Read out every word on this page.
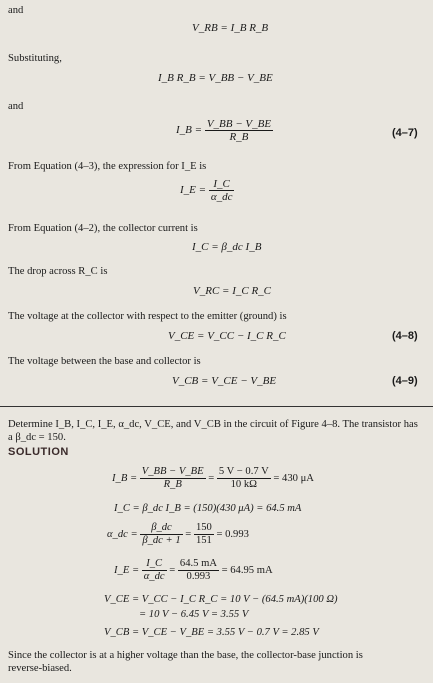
and
V_RB = I_B R_B
Substituting,
I_B R_B = V_BB − V_BE
and
I_B = $\frac{V\_BB - V\_BE}{R\_B}$	(4–7)
From Equation (4–3), the expression for I_E is
I_E = $\frac{I\_C}{\alpha\_dc}$
From Equation (4–2), the collector current is
I_C = β_dc I_B
The drop across R_C is
V_RC = I_C R_C
The voltage at the collector with respect to the emitter (ground) is
V_CE = V_CC − I_C R_C	(4–8)
The voltage between the base and collector is
V_CB = V_CE − V_BE	(4–9)
Determine I_B, I_C, I_E, α_dc, V_CE, and V_CB in the circuit of Figure 4–8. The transistor has
a β_dc = 150.
SOLUTION
I_B = $\frac{V\_BB - V\_BE}{R\_B} = \frac{5 V - 0.7 V}{10 k\Omega} = 430$ μA
I_C = β_dc I_B = (150)(430 μA) = 64.5 mA
α_dc = $\frac{\beta\_dc}{\beta\_dc + 1} = \frac{150}{151} = 0.993$
I_E = $\frac{I\_C}{\alpha\_dc} = \frac{64.5 mA}{0.993} = 64.95$ mA
V_CE = V_CC − I_C R_C = 10 V − (64.5 mA)(100 Ω)
= 10 V − 6.45 V = 3.55 V
V_CB = V_CE − V_BE = 3.55 V − 0.7 V = 2.85 V
Since the collector is at a higher voltage than the base, the collector-base junction is
reverse-biased.
